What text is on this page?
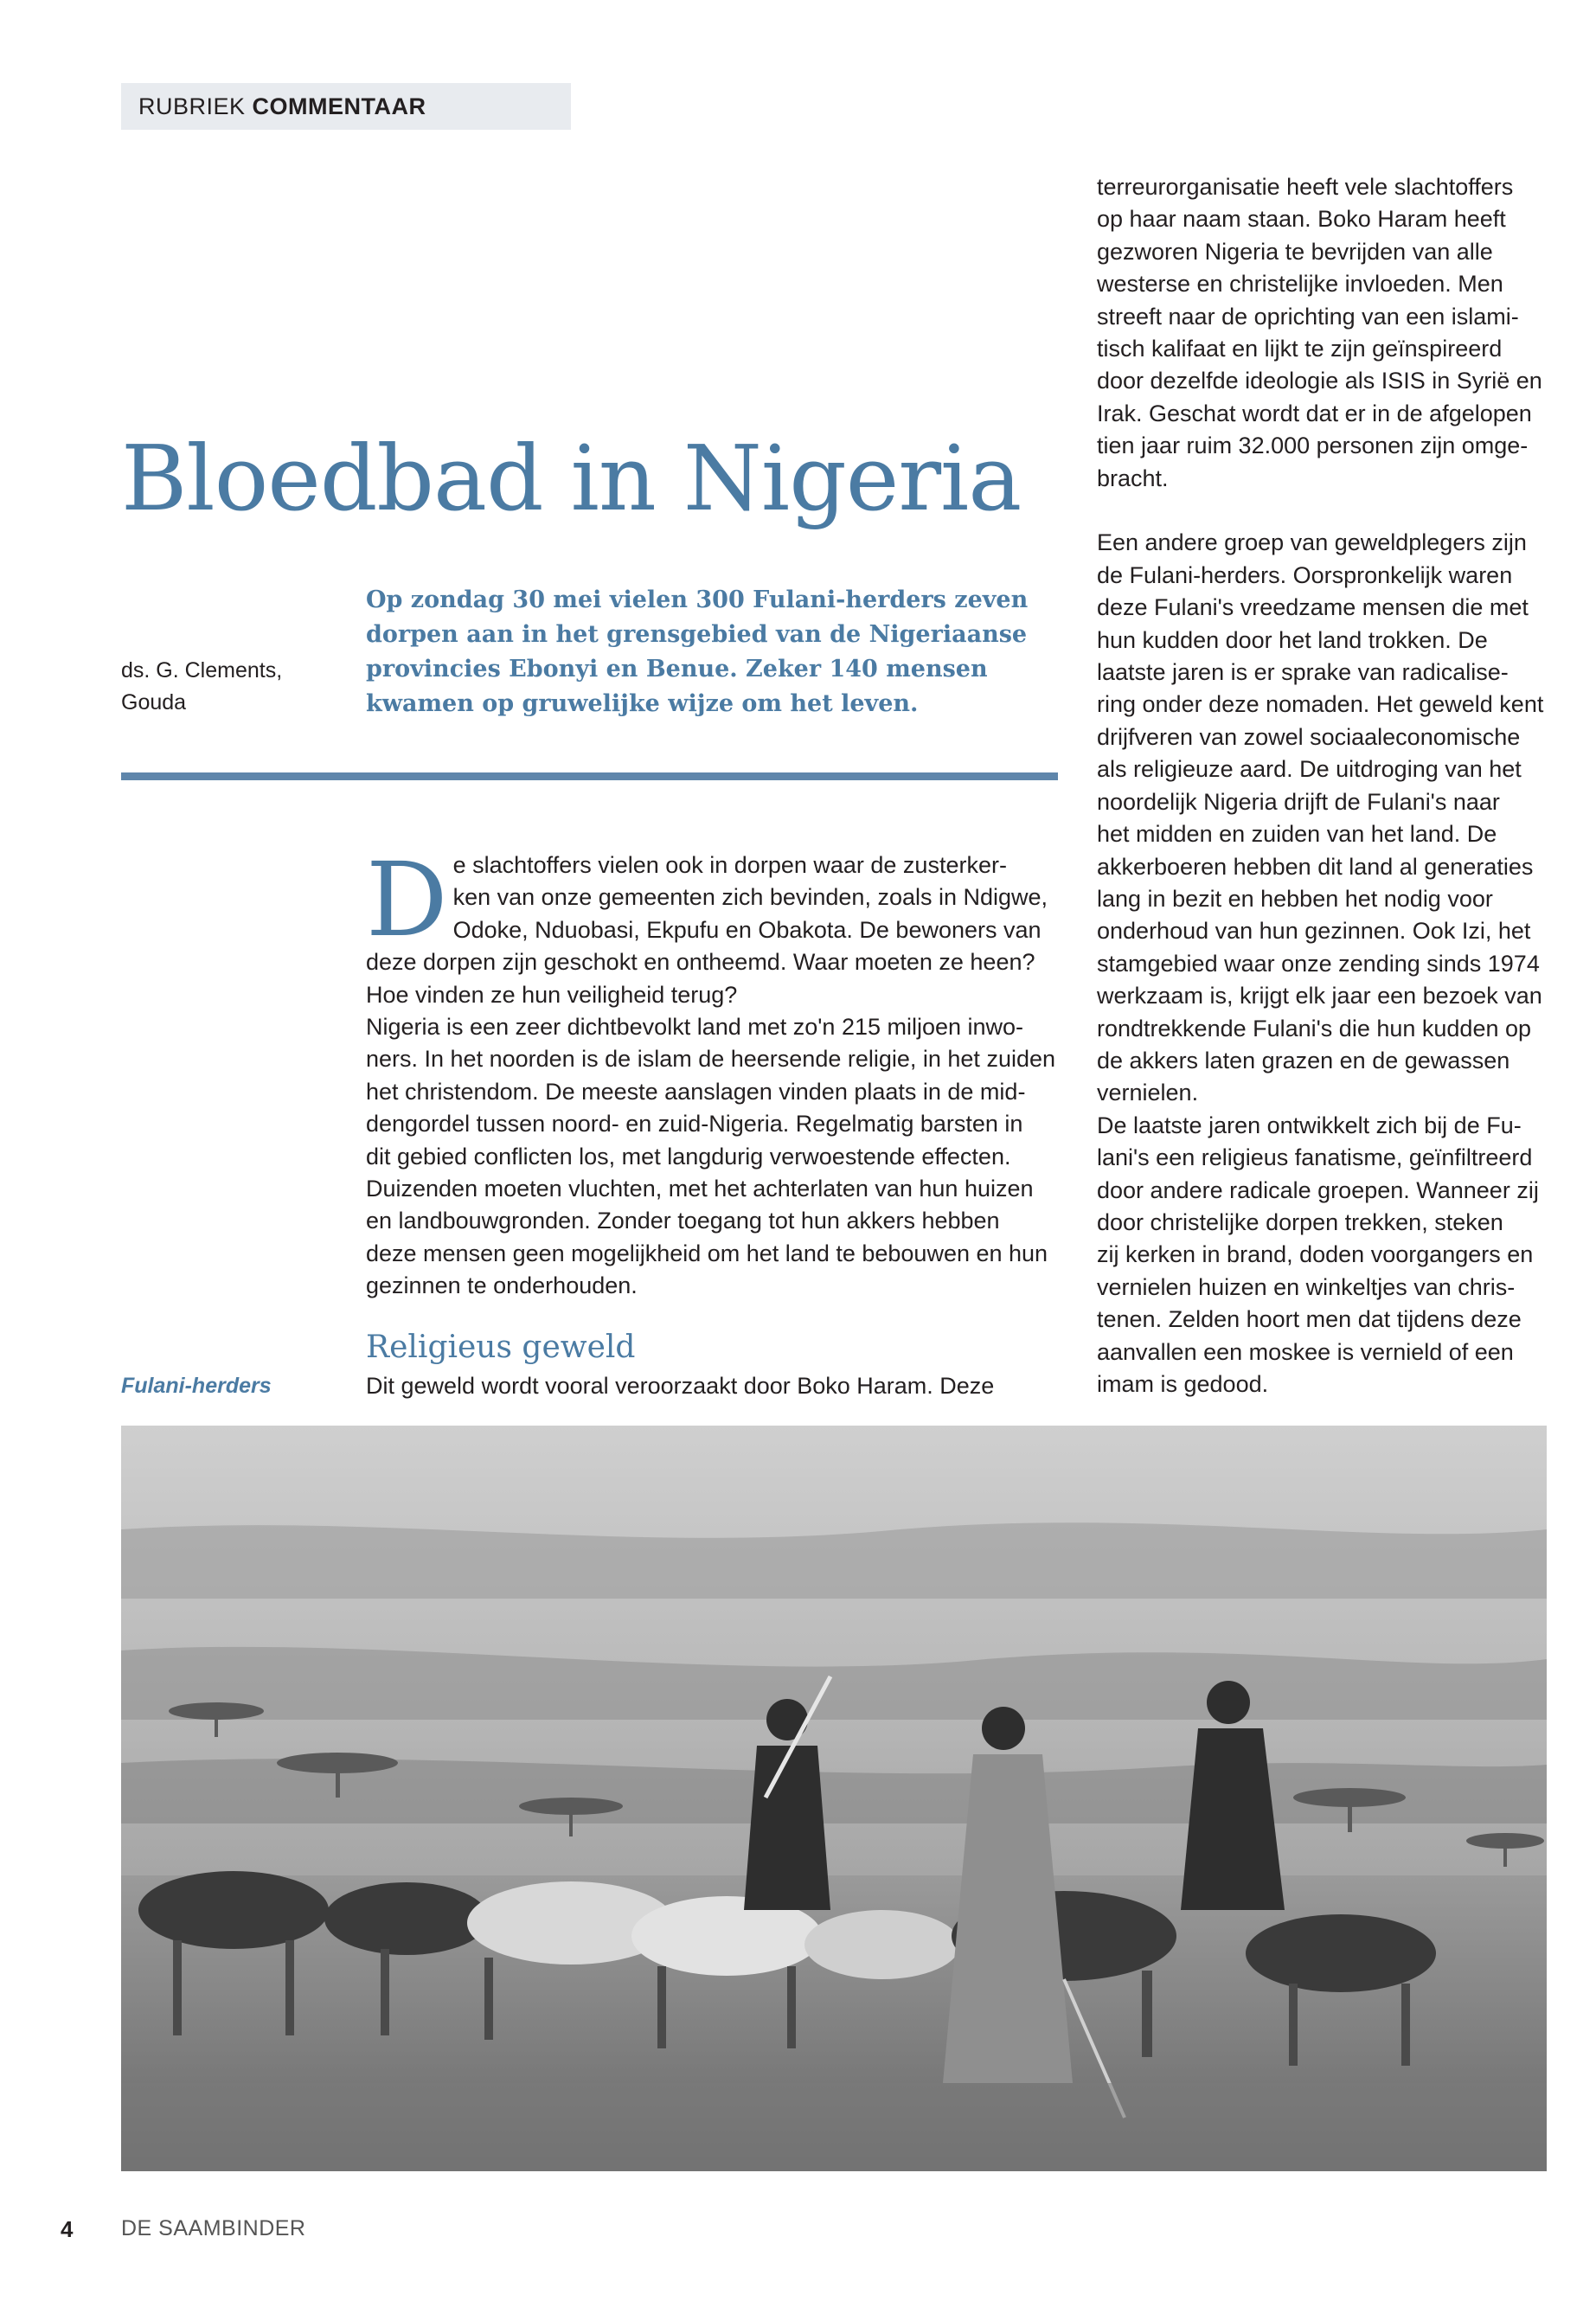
RUBRIEK COMMENTAAR
Bloedbad in Nigeria
ds. G. Clements,
Gouda
Op zondag 30 mei vielen 300 Fulani-herders zeven dorpen aan in het grensgebied van de Nigeriaanse provincies Ebonyi en Benue. Zeker 140 mensen kwamen op gruwelijke wijze om het leven.
D e slachtoffers vielen ook in dorpen waar de zusterker-
ken van onze gemeenten zich bevinden, zoals in Ndigwe,
Odoke, Nduobasi, Ekpufu en Obakota. De bewoners van
deze dorpen zijn geschokt en ontheemd. Waar moeten ze heen?
Hoe vinden ze hun veiligheid terug?
Nigeria is een zeer dichtbevolkt land met zo'n 215 miljoen inwo-
ners. In het noorden is de islam de heersende religie, in het zuiden
het christendom. De meeste aanslagen vinden plaats in de mid-
dengordel tussen noord- en zuid-Nigeria. Regelmatig barsten in
dit gebied conflicten los, met langdurig verwoestende effecten.
Duizenden moeten vluchten, met het achterlaten van hun huizen
en landbouwgronden. Zonder toegang tot hun akkers hebben
deze mensen geen mogelijkheid om het land te bebouwen en hun
gezinnen te onderhouden.
Religieus geweld
Dit geweld wordt vooral veroorzaakt door Boko Haram. Deze
Fulani-herders
terreurorganisatie heeft vele slachtoffers
op haar naam staan. Boko Haram heeft
gezworen Nigeria te bevrijden van alle
westerse en christelijke invloeden. Men
streeft naar de oprichting van een islami-
tisch kalifaat en lijkt te zijn geïnspireerd
door dezelfde ideologie als ISIS in Syrië en
Irak. Geschat wordt dat er in de afgelopen
tien jaar ruim 32.000 personen zijn omge-
bracht.
Een andere groep van geweldplegers zijn
de Fulani-herders. Oorspronkelijk waren
deze Fulani's vreedzame mensen die met
hun kudden door het land trokken. De
laatste jaren is er sprake van radicalise-
ring onder deze nomaden. Het geweld kent
drijfveren van zowel sociaaleconomische
als religieuze aard. De uitdroging van het
noordelijk Nigeria drijft de Fulani's naar
het midden en zuiden van het land. De
akkerboeren hebben dit land al generaties
lang in bezit en hebben het nodig voor
onderhoud van hun gezinnen. Ook Izi, het
stamgebied waar onze zending sinds 1974
werkzaam is, krijgt elk jaar een bezoek van
rondtrekkende Fulani's die hun kudden op
de akkers laten grazen en de gewassen
vernielen.
De laatste jaren ontwikkelt zich bij de Fu-
lani's een religieus fanatisme, geïnfiltreerd
door andere radicale groepen. Wanneer zij
door christelijke dorpen trekken, steken
zij kerken in brand, doden voorgangers en
vernielen huizen en winkeltjes van chris-
tenen. Zelden hoort men dat tijdens deze
aanvallen een moskee is vernield of een
imam is gedood.
4 DE SAAMBINDER
